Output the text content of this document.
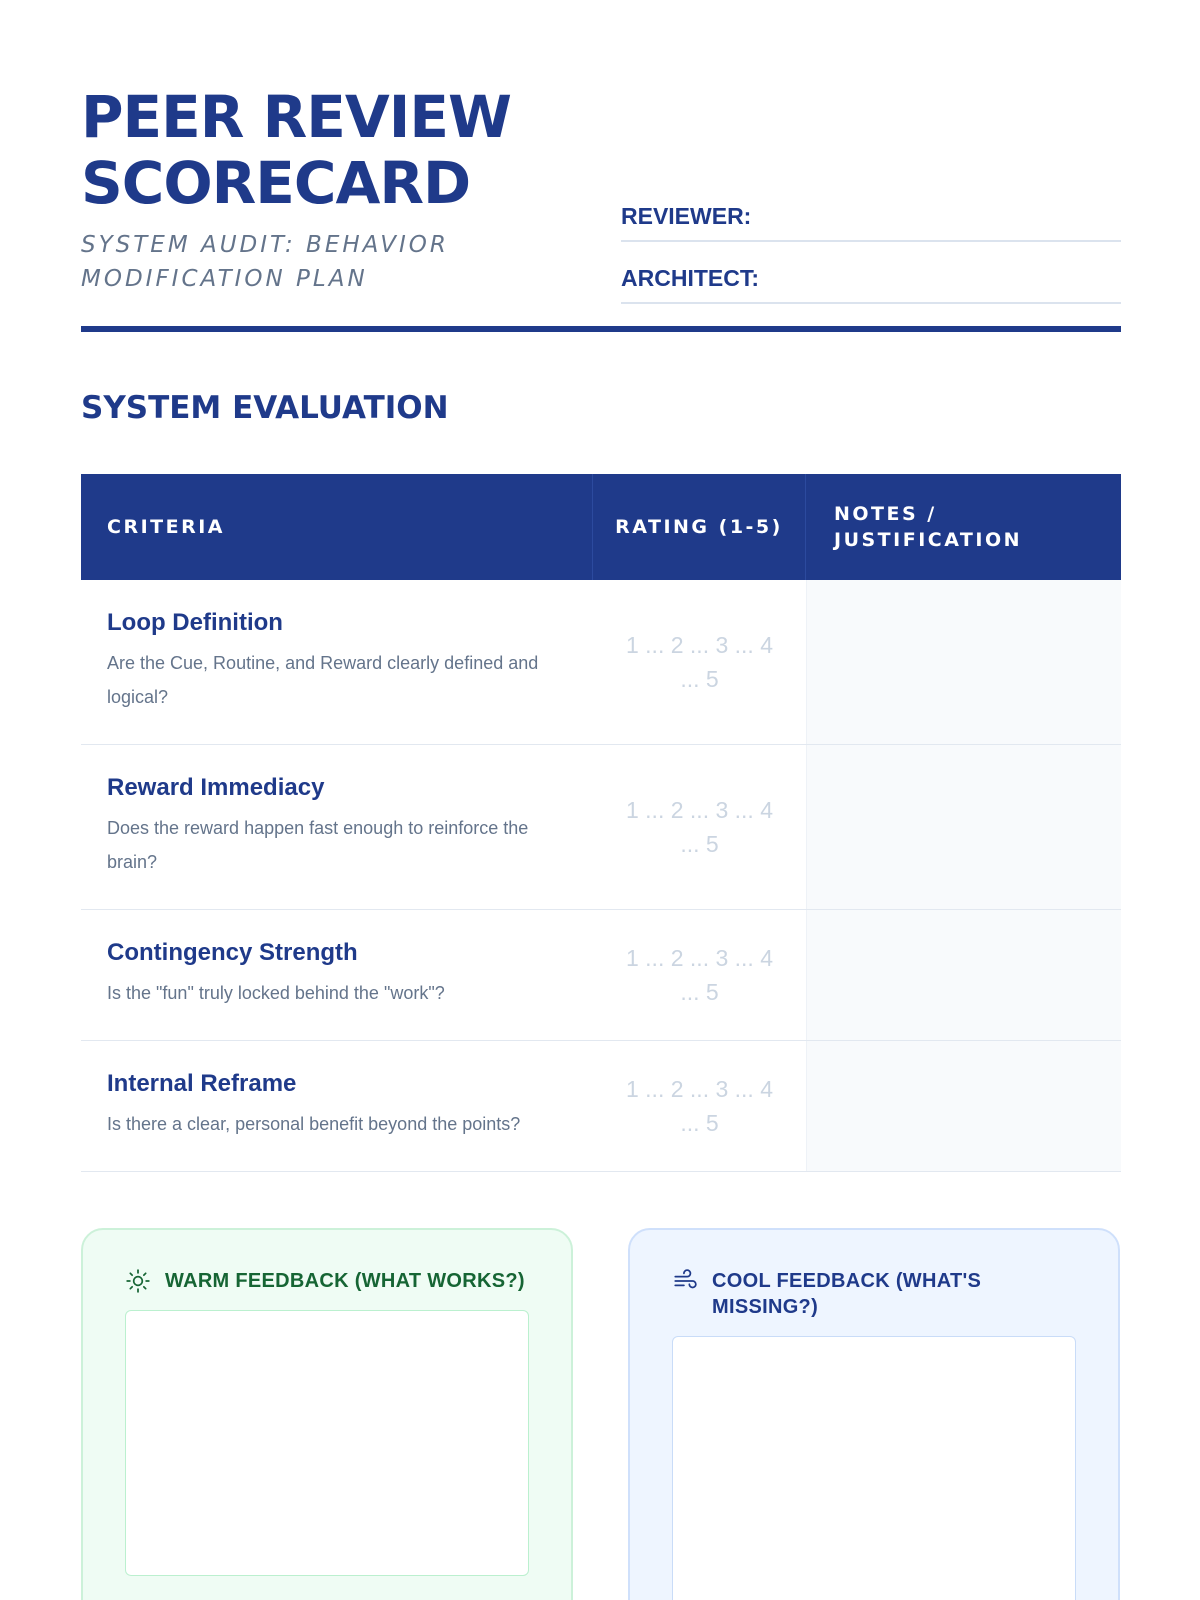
PEER REVIEW
SCORECARD
SYSTEM AUDIT: BEHAVIOR
MODIFICATION PLAN
REVIEWER:
ARCHITECT:
SYSTEM EVALUATION
CRITERIA	RATING (1-5)
NOTES / JUSTIFICATION
Loop Definition
Are the Cue, Routine, and Reward clearly defined and logical?
1 ... 2 ... 3 ... 4 ... 5
Reward Immediacy
Does the reward happen fast enough to reinforce the brain?
1 ... 2 ... 3 ... 4 ... 5
Contingency Strength
Is the "fun" truly locked behind the "work"?
1 ... 2 ... 3 ... 4 ... 5
Internal Reframe
Is there a clear, personal benefit beyond the points?
1 ... 2 ... 3 ... 4 ... 5
WARM FEEDBACK (WHAT WORKS?)	COOL FEEDBACK (WHAT'S MISSING?)
